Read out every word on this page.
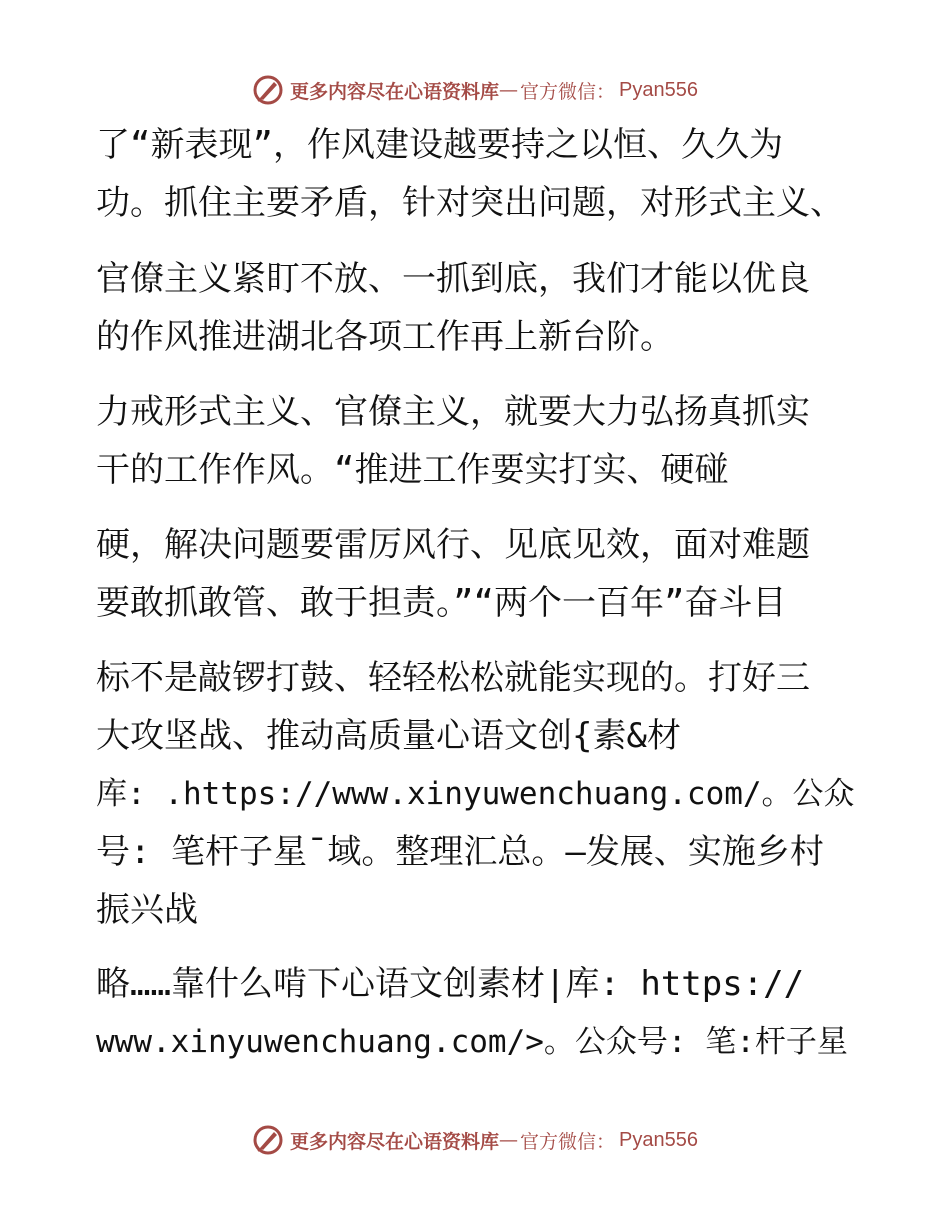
更多内容尽在心语资料库 — 官方微信： Pyan556
了“新表现”，作风建设越要持之以恒、久久为
功。抓住主要矛盾，针对突出问题，对形式主义、
官僚主义紧盯不放、一抓到底，我们才能以优良
的作风推进湖北各项工作再上新台阶。
力戒形式主义、官僚主义，就要大力弘扬真抓实
干的工作作风。“推进工作要实打实、硬碰
硬，解决问题要雷厉风行、见底见效，面对难题
要敢抓敢管、敢于担责。”“两个一百年”奋斗目
标不是敲锣打鼓、轻轻松松就能实现的。打好三
大攻坚战、推动高质量心语文创{素&材
库: .https://www.xinyuwenchuang.com/。公众
号: 笔杆子星¯域。整理汇总。—发展、实施乡村
振兴战
略……靠什么啃下心语文创素材|库: https://
www.xinyuwenchuang.com/>。公众号: 笔:杆子星
更多内容尽在心语资料库 — 官方微信： Pyan556
